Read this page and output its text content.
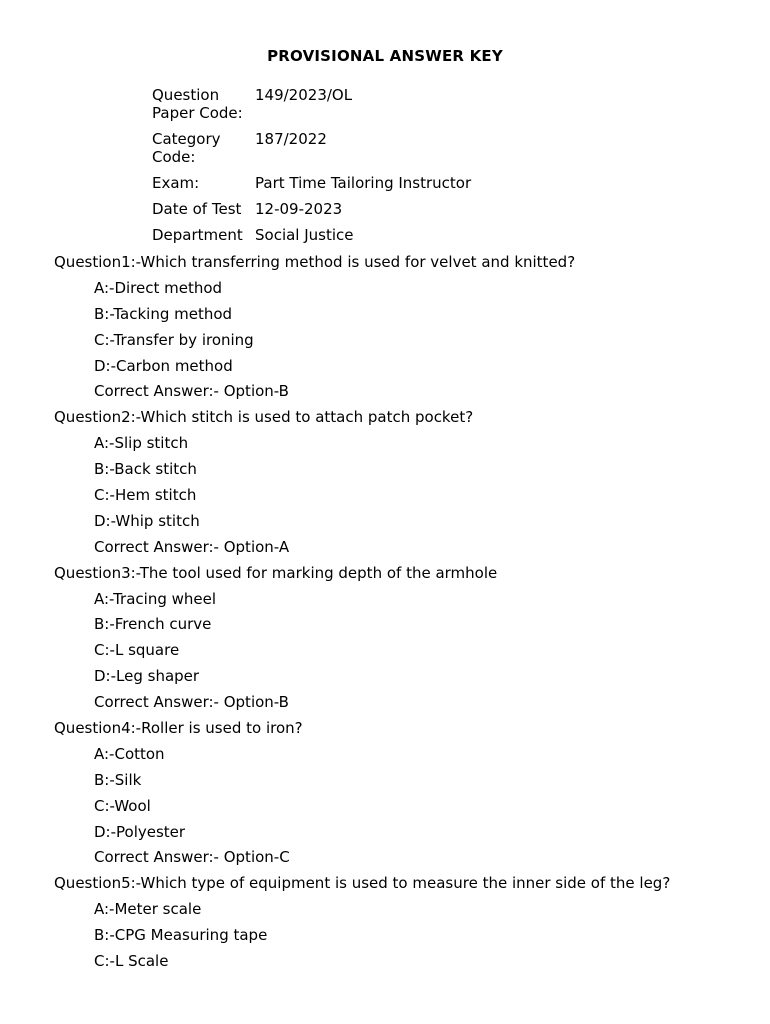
PROVISIONAL ANSWER KEY
Question
Paper Code:	149/2023/OL

Category
Code:	187/2022
Exam:	Part Time Tailoring Instructor
Date of Test	12-09-2023
Department	Social Justice
Question1:-Which transferring method is used for velvet and knitted?
A:-Direct method
B:-Tacking method
C:-Transfer by ironing
D:-Carbon method
Correct Answer:- Option-B
Question2:-Which stitch is used to attach patch pocket?
A:-Slip stitch
B:-Back stitch
C:-Hem stitch
D:-Whip stitch
Correct Answer:- Option-A
Question3:-The tool used for marking depth of the armhole
A:-Tracing wheel
B:-French curve
C:-L square
D:-Leg shaper
Correct Answer:- Option-B
Question4:-Roller is used to iron?
A:-Cotton
B:-Silk
C:-Wool
D:-Polyester
Correct Answer:- Option-C
Question5:-Which type of equipment is used to measure the inner side of the leg?
A:-Meter scale
B:-CPG Measuring tape
C:-L Scale
